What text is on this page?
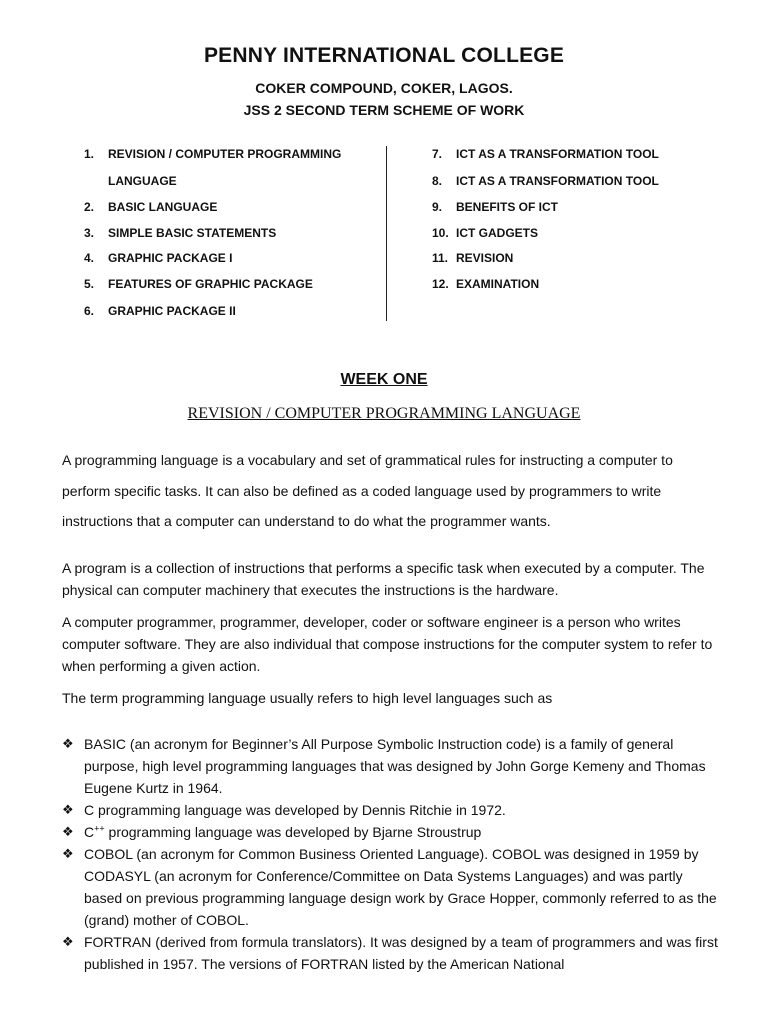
PENNY INTERNATIONAL COLLEGE
COKER COMPOUND, COKER, LAGOS.
JSS 2 SECOND TERM SCHEME OF WORK
1. REVISION / COMPUTER PROGRAMMING
LANGUAGE
2. BASIC LANGUAGE
3. SIMPLE BASIC STATEMENTS
4. GRAPHIC PACKAGE I
5. FEATURES OF GRAPHIC PACKAGE
6. GRAPHIC PACKAGE II
7. ICT AS A TRANSFORMATION TOOL
8. ICT AS A TRANSFORMATION TOOL
9. BENEFITS OF ICT
10. ICT GADGETS
11. REVISION
12. EXAMINATION
WEEK ONE
REVISION / COMPUTER PROGRAMMING LANGUAGE
A programming language is a vocabulary and set of grammatical rules for instructing a computer to perform specific tasks. It can also be defined as a coded language used by programmers to write instructions that a computer can understand to do what the programmer wants.
A program is a collection of instructions that performs a specific task when executed by a computer. The physical can computer machinery that executes the instructions is the hardware.
A computer programmer, programmer, developer, coder or software engineer is a person who writes computer software. They are also individual that compose instructions for the computer system to refer to when performing a given action.
The term programming language usually refers to high level languages such as
❖ BASIC (an acronym for Beginner’s All Purpose Symbolic Instruction code) is a family of general purpose, high level programming languages that was designed by John Gorge Kemeny and Thomas Eugene Kurtz in 1964.
❖ C programming language was developed by Dennis Ritchie in 1972.
❖ C++ programming language was developed by Bjarne Stroustrup
❖ COBOL (an acronym for Common Business Oriented Language). COBOL was designed in 1959 by CODASYL (an acronym for Conference/Committee on Data Systems Languages) and was partly based on previous programming language design work by Grace Hopper, commonly referred to as the (grand) mother of COBOL.
❖ FORTRAN (derived from formula translators). It was designed by a team of programmers and was first published in 1957. The versions of FORTRAN listed by the American National
